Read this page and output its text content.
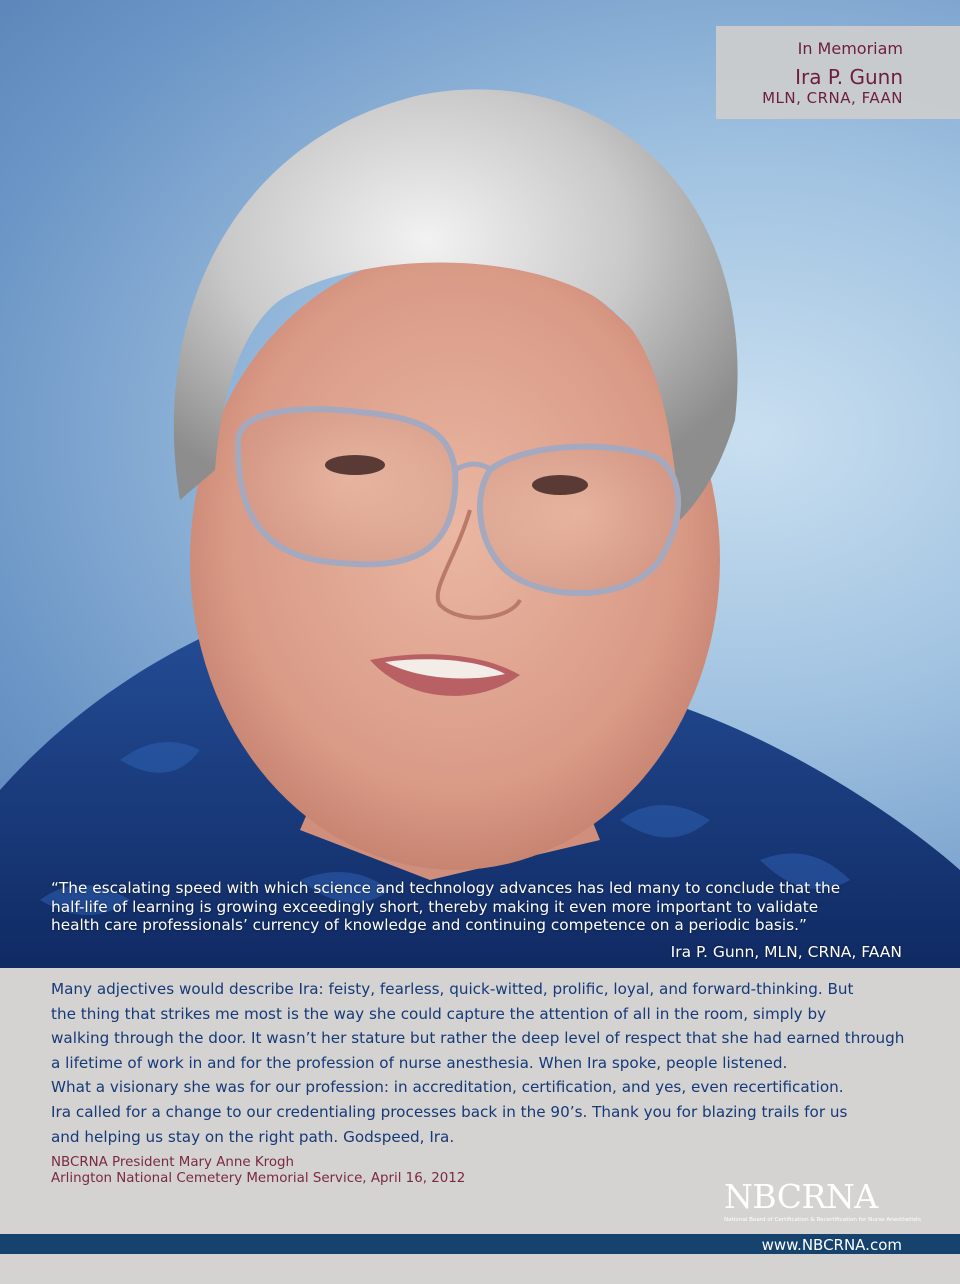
In Memoriam
Ira P. Gunn
MLN, CRNA, FAAN
“The escalating speed with which science and technology advances has led many to conclude that the
half-life of learning is growing exceedingly short, thereby making it even more important to validate
health care professionals’ currency of knowledge and continuing competence on a periodic basis.”
Ira P. Gunn, MLN, CRNA, FAAN

Many adjectives would describe Ira: feisty, fearless, quick-witted, prolific, loyal, and forward-thinking. But

the thing that strikes me most is the way she could capture the attention of all in the room, simply by

walking through the door. It wasn’t her stature but rather the deep level of respect that she had earned through

a lifetime of work in and for the profession of nurse anesthesia. When Ira spoke, people listened.

What a visionary she was for our profession: in accreditation, certification, and yes, even recertification.

Ira called for a change to our credentialing processes back in the 90’s. Thank you for blazing trails for us

and helping us stay on the right path. Godspeed, Ira.

NBCRNA President Mary Anne Krogh
Arlington National Cemetery Memorial Service, April 16, 2012	NBCRNA
National Board of Certification & Recertification for Nurse Anesthetists
www.NBCRNA.com
